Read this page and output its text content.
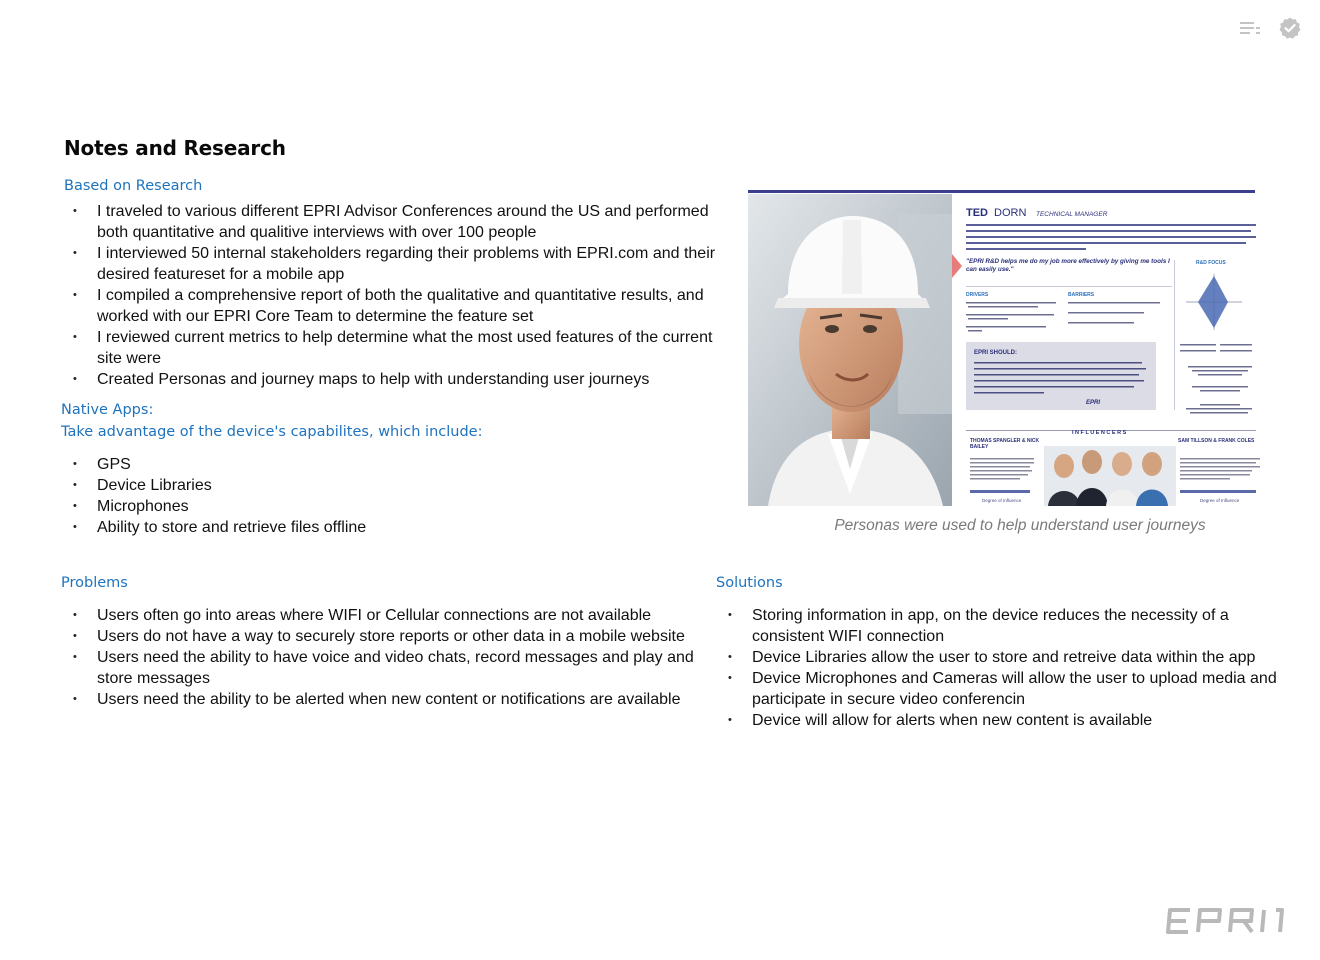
Notes and Research
Based on Research
• I traveled to various different EPRI Advisor Conferences around the US and performed both quantitative and qualitive interviews with over 100 people
• I interviewed 50 internal stakeholders regarding their problems with EPRI.com and their desired featureset for a mobile app
• I compiled a comprehensive report of both the qualitative and quantitative results, and worked with our EPRI Core Team to determine the feature set
• I reviewed current metrics to help determine what the most used features of the current site were
• Created Personas and journey maps to help with understanding user journeys
Native Apps:
Take advantage of the device's capabilites, which include:
• GPS
• Device Libraries
• Microphones
• Ability to store and retrieve files offline
Problems
• Users often go into areas where WIFI or Cellular connections are not available
• Users do not have a way to securely store reports or other data in a mobile website
• Users need the ability to have voice and video chats, record messages and play and store messages
• Users need the ability to be alerted when new content or notifications are available
Solutions
• Storing information in app, on the device reduces the necessity of a consistent WIFI connection
• Device Libraries allow the user to store and retreive data within the app
• Device Microphones and Cameras will allow the user to upload media and participate in secure video conferencin
• Device will allow for alerts when new content is available
TED DORN TECHNICAL MANAGER
"EPRI R&D helps me do my job more effectively by giving me tools I can easily use."
DRIVERS	BARRIERS
EPRI SHOULD:
EPRI
R&D FOCUS
I N F L U E N C E R S
THOMAS SPANGLER & NICK BAILEY
SAM TILLSON & FRANK COLES
Degree of Influence	Degree of Influence
Personas were used to help understand user journeys
